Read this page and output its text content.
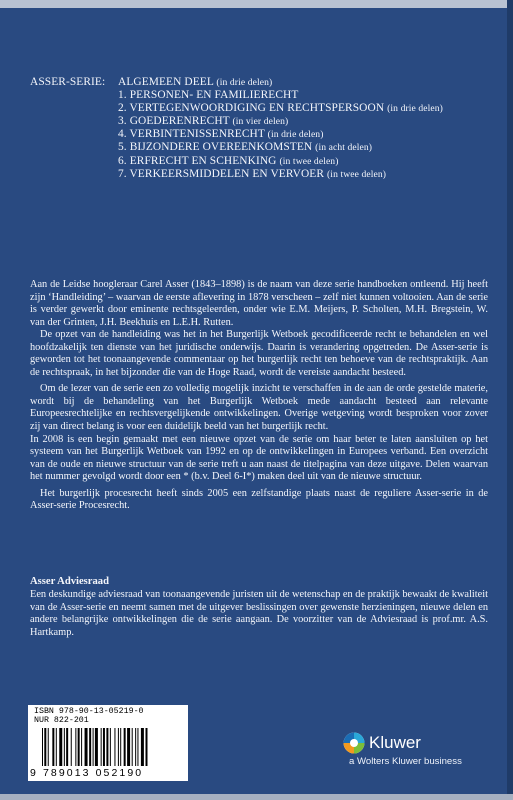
ASSER-SERIE:	ALGEMEEN DEEL (in drie delen)
1. PERSONEN- EN FAMILIERECHT
2. VERTEGENWOORDIGING EN RECHTSPERSOON (in drie delen)
3. GOEDERENRECHT (in vier delen)
4. VERBINTENISSENRECHT (in drie delen)
5. BIJZONDERE OVEREENKOMSTEN (in acht delen)
6. ERFRECHT EN SCHENKING (in twee delen)
7. VERKEERSMIDDELEN EN VERVOER (in twee delen)

Aan de Leidse hoogleraar Carel Asser (1843–1898) is de naam van deze serie handboeken ontleend. Hij heeft zijn ‘Handleiding’ – waarvan de eerste aflevering in 1878 verscheen – zelf niet kunnen voltooien. Aan de serie is verder gewerkt door eminente rechtsgeleerden, onder wie E.M. Meijers, P. Scholten, M.H. Bregstein, W. van der Grinten, J.H. Beekhuis en L.E.H. Rutten.

De opzet van de handleiding was het in het Burgerlijk Wetboek gecodificeerde recht te behandelen en wel hoofdzakelijk ten dienste van het juridische onderwijs. Daarin is verandering opgetreden. De Asser-serie is geworden tot het toonaangevende commentaar op het burgerlijk recht ten behoeve van de rechtspraktijk. Aan de rechtspraak, in het bijzonder die van de Hoge Raad, wordt de vereiste aandacht besteed.

Om de lezer van de serie een zo volledig mogelijk inzicht te verschaffen in de aan de orde gestelde materie, wordt bij de behandeling van het Burgerlijk Wetboek mede aandacht besteed aan relevante Europeesrechtelijke en rechtsvergelijkende ontwikkelingen. Overige wetgeving wordt besproken voor zover zij van direct belang is voor een duidelijk beeld van het burgerlijk recht.

In 2008 is een begin gemaakt met een nieuwe opzet van de serie om haar beter te laten aansluiten op het systeem van het Burgerlijk Wetboek van 1992 en op de ontwikkelingen in Europees verband. Een overzicht van de oude en nieuwe structuur van de serie treft u aan naast de titelpagina van deze uitgave. Delen waarvan het nummer gevolgd wordt door een * (b.v. Deel 6-I*) maken deel uit van de nieuwe structuur.

Het burgerlijk procesrecht heeft sinds 2005 een zelfstandige plaats naast de reguliere Asser-serie in de Asser-serie Procesrecht.

Asser Adviesraad
Een deskundige adviesraad van toonaangevende juristen uit de wetenschap en de praktijk bewaakt de kwaliteit van de Asser-serie en neemt samen met de uitgever beslissingen over gewenste herzieningen, nieuwe delen en andere belangrijke ontwikkelingen die de serie aangaan. De voorzitter van de Adviesraad is prof.mr. A.S. Hartkamp.
ISBN 978-90-13-05219-0
NUR 822-201
9 789013 052190
Kluwer
a Wolters Kluwer business
